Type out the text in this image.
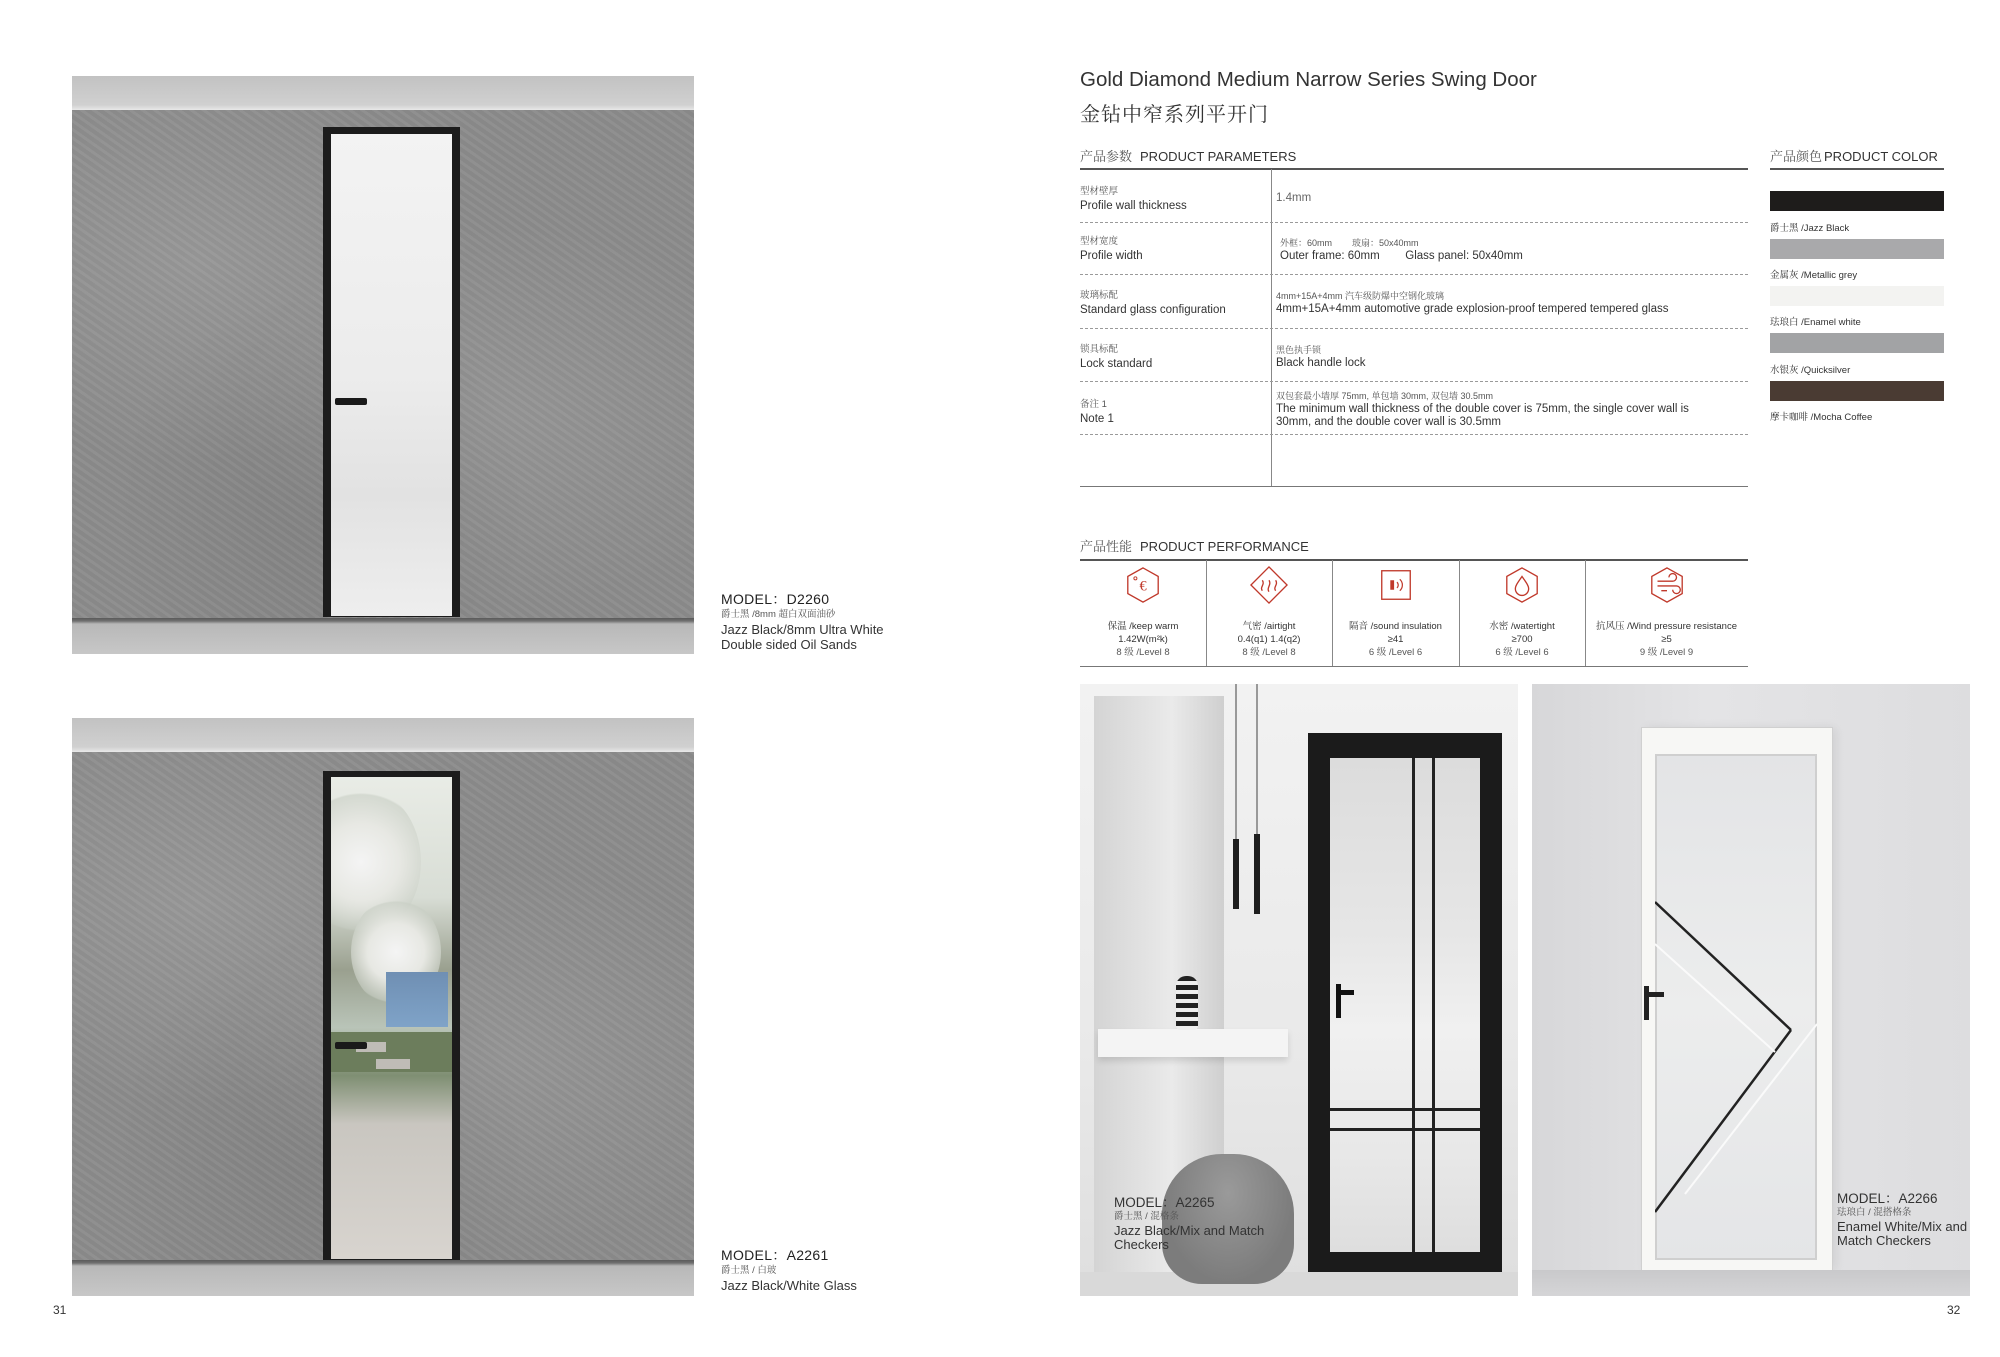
MODEL：D2260
爵士黑 /8mm 超白双面油砂
Jazz Black/8mm Ultra White
Double sided Oil Sands
MODEL：A2261
爵士黑 / 白玻
Jazz Black/White Glass
31
Gold Diamond Medium Narrow Series Swing Door
金钻中窄系列平开门
产品参数 PRODUCT PARAMETERS
型材壁厚
Profile wall thickness
1.4mm
型材宽度
Profile width
外框：60mm        玻扇：50x40mm
Outer frame: 60mm        Glass panel: 50x40mm
玻璃标配
Standard glass configuration
4mm+15A+4mm 汽车级防爆中空钢化玻璃
4mm+15A+4mm automotive grade explosion-proof tempered tempered glass
锁具标配
Lock standard
黑色执手锁
Black handle lock
备注 1
Note 1
双包套最小墙厚 75mm, 单包墙 30mm, 双包墙 30.5mm
The minimum wall thickness of the double cover is 75mm, the single cover wall is
30mm, and the double cover wall is 30.5mm
产品颜色 PRODUCT COLOR
爵士黑 /Jazz Black
金属灰 /Metallic grey
珐琅白 /Enamel white
水银灰 /Quicksilver
摩卡咖啡 /Mocha Coffee
产品性能 PRODUCT PERFORMANCE
€
保温 /keep warm
1.42W(m²k)
8 级 /Level 8
气密 /airtight
0.4(q1) 1.4(q2)
8 级 /Level 8
隔音 /sound insulation
≥41
6 级 /Level 6
水密 /watertight
≥700
6 级 /Level 6
抗风压 /Wind pressure resistance
≥5
9 级 /Level 9
MODEL：A2265
爵士黑 / 混格条
Jazz Black/Mix and Match
Checkers
MODEL：A2266
珐琅白 / 混搭格条
Enamel White/Mix and
Match Checkers
32
